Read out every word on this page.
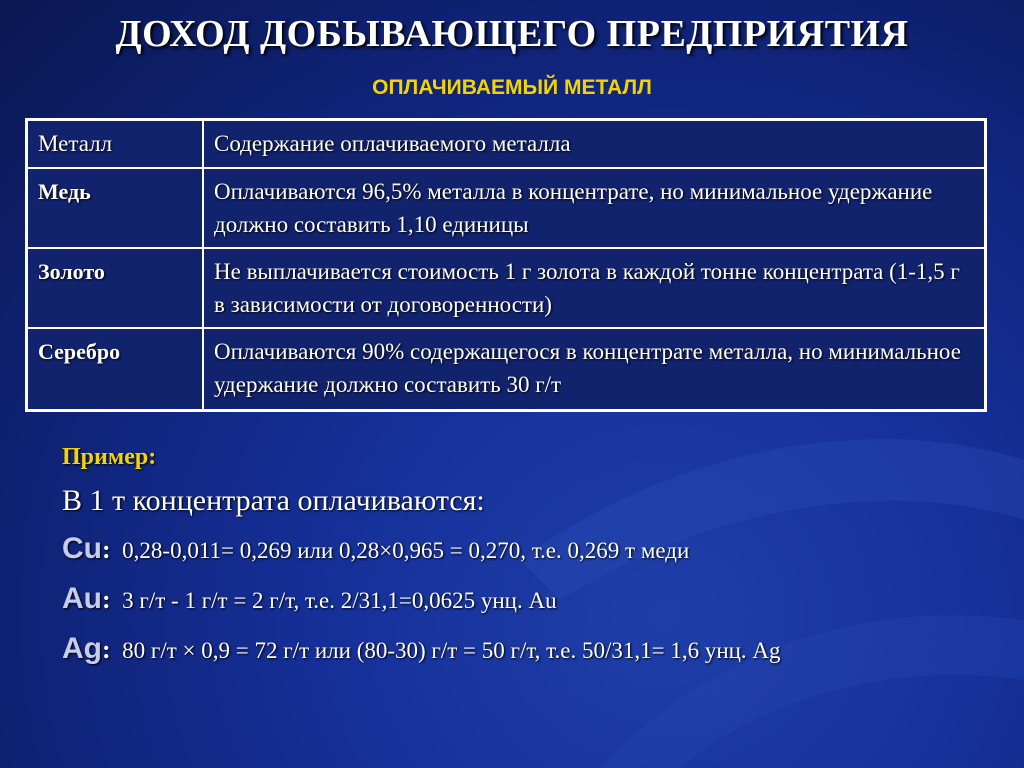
ДОХОД ДОБЫВАЮЩЕГО ПРЕДПРИЯТИЯ
ОПЛАЧИВАЕМЫЙ МЕТАЛЛ
Металл	Содержание оплачиваемого металла
Медь	Оплачиваются 96,5% металла в концентрате, но минимальное удержание должно составить 1,10 единицы
Золото	Не выплачивается стоимость 1 г золота в каждой тонне концентрата (1-1,5 г в зависимости от договоренности)
Серебро	Оплачиваются 90% содержащегося в концентрате металла, но минимальное удержание должно составить 30 г/т
Пример:
В 1 т концентрата оплачиваются:
Cu: 0,28-0,011= 0,269 или 0,28×0,965 = 0,270, т.е. 0,269 т меди
Au: 3 г/т - 1 г/т = 2 г/т, т.е. 2/31,1=0,0625 унц. Au
Ag: 80 г/т × 0,9 = 72 г/т или (80-30) г/т = 50 г/т, т.е. 50/31,1= 1,6 унц. Ag
